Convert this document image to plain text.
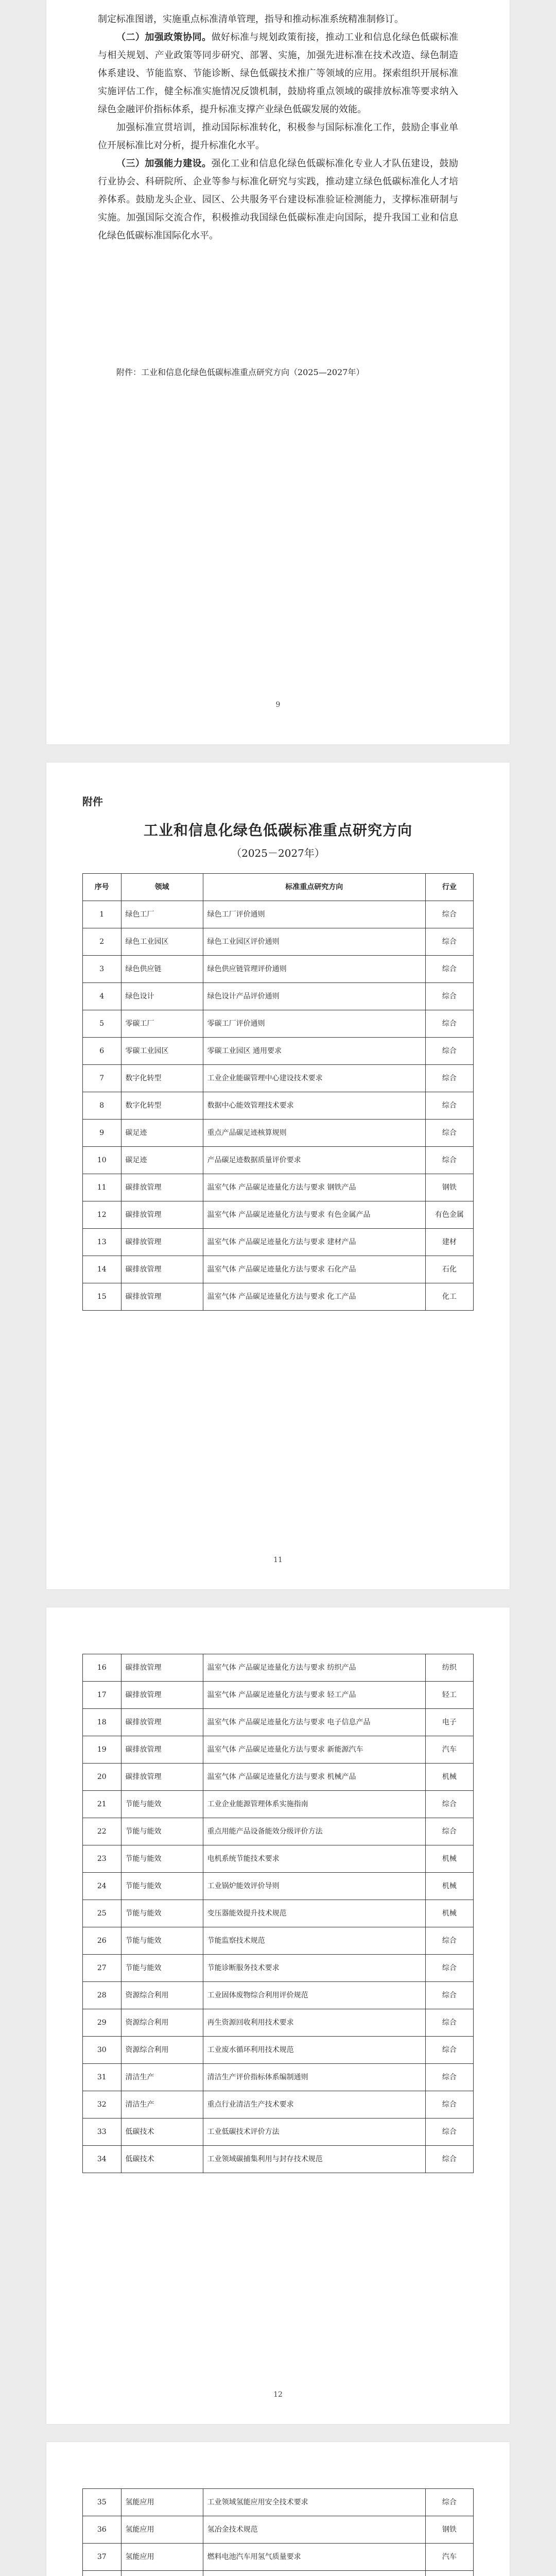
制定标准图谱，实施重点标准清单管理，指导和推动标准系统精准制修订。

（二）加强政策协同。做好标准与规划政策衔接，推动工业和信息化绿色低碳标准与相关规划、产业政策等同步研究、部署、实施，加强先进标准在技术改造、绿色制造体系建设、节能监察、节能诊断、绿色低碳技术推广等领域的应用。探索组织开展标准实施评估工作，健全标准实施情况反馈机制，鼓励将重点领域的碳排放标准等要求纳入绿色金融评价指标体系，提升标准支撑产业绿色低碳发展的效能。

加强标准宣贯培训，推动国际标准转化，积极参与国际标准化工作，鼓励企事业单位开展标准比对分析，提升标准化水平。

（三）加强能力建设。强化工业和信息化绿色低碳标准化专业人才队伍建设，鼓励行业协会、科研院所、企业等参与标准化研究与实践，推动建立绿色低碳标准化人才培养体系。鼓励龙头企业、园区、公共服务平台建设标准验证检测能力，支撑标准研制与实施。加强国际交流合作，积极推动我国绿色低碳标准走向国际，提升我国工业和信息化绿色低碳标准国际化水平。

附件：工业和信息化绿色低碳标准重点研究方向（2025—2027年）
9
附件
工业和信息化绿色低碳标准重点研究方向
（2025－2027年）
序号	领域	标准重点研究方向	行业
1	绿色工厂	绿色工厂评价通则	综合
2	绿色工业园区	绿色工业园区评价通则	综合
3	绿色供应链	绿色供应链管理评价通则	综合
4	绿色设计	绿色设计产品评价通则	综合
5	零碳工厂	零碳工厂评价通则	综合
6	零碳工业园区	零碳工业园区 通用要求	综合
7	数字化转型	工业企业能碳管理中心建设技术要求	综合
8	数字化转型	数据中心能效管理技术要求	综合
9	碳足迹	重点产品碳足迹核算规则	综合
10	碳足迹	产品碳足迹数据质量评价要求	综合
11	碳排放管理	温室气体 产品碳足迹量化方法与要求 钢铁产品	钢铁
12	碳排放管理	温室气体 产品碳足迹量化方法与要求 有色金属产品	有色金属
13	碳排放管理	温室气体 产品碳足迹量化方法与要求 建材产品	建材
14	碳排放管理	温室气体 产品碳足迹量化方法与要求 石化产品	石化
15	碳排放管理	温室气体 产品碳足迹量化方法与要求 化工产品	化工
11
16	碳排放管理	温室气体 产品碳足迹量化方法与要求 纺织产品	纺织
17	碳排放管理	温室气体 产品碳足迹量化方法与要求 轻工产品	轻工
18	碳排放管理	温室气体 产品碳足迹量化方法与要求 电子信息产品	电子
19	碳排放管理	温室气体 产品碳足迹量化方法与要求 新能源汽车	汽车
20	碳排放管理	温室气体 产品碳足迹量化方法与要求 机械产品	机械
21	节能与能效	工业企业能源管理体系实施指南	综合
22	节能与能效	重点用能产品设备能效分级评价方法	综合
23	节能与能效	电机系统节能技术要求	机械
24	节能与能效	工业锅炉能效评价导则	机械
25	节能与能效	变压器能效提升技术规范	机械
26	节能与能效	节能监察技术规范	综合
27	节能与能效	节能诊断服务技术要求	综合
28	资源综合利用	工业固体废物综合利用评价规范	综合
29	资源综合利用	再生资源回收利用技术要求	综合
30	资源综合利用	工业废水循环利用技术规范	综合
31	清洁生产	清洁生产评价指标体系编制通则	综合
32	清洁生产	重点行业清洁生产技术要求	综合
33	低碳技术	工业低碳技术评价方法	综合
34	低碳技术	工业领域碳捕集利用与封存技术规范	综合
12
35	氢能应用	工业领域氢能应用安全技术要求	综合
36	氢能应用	氢冶金技术规范	钢铁
37	氢能应用	燃料电池汽车用氢气质量要求	汽车
